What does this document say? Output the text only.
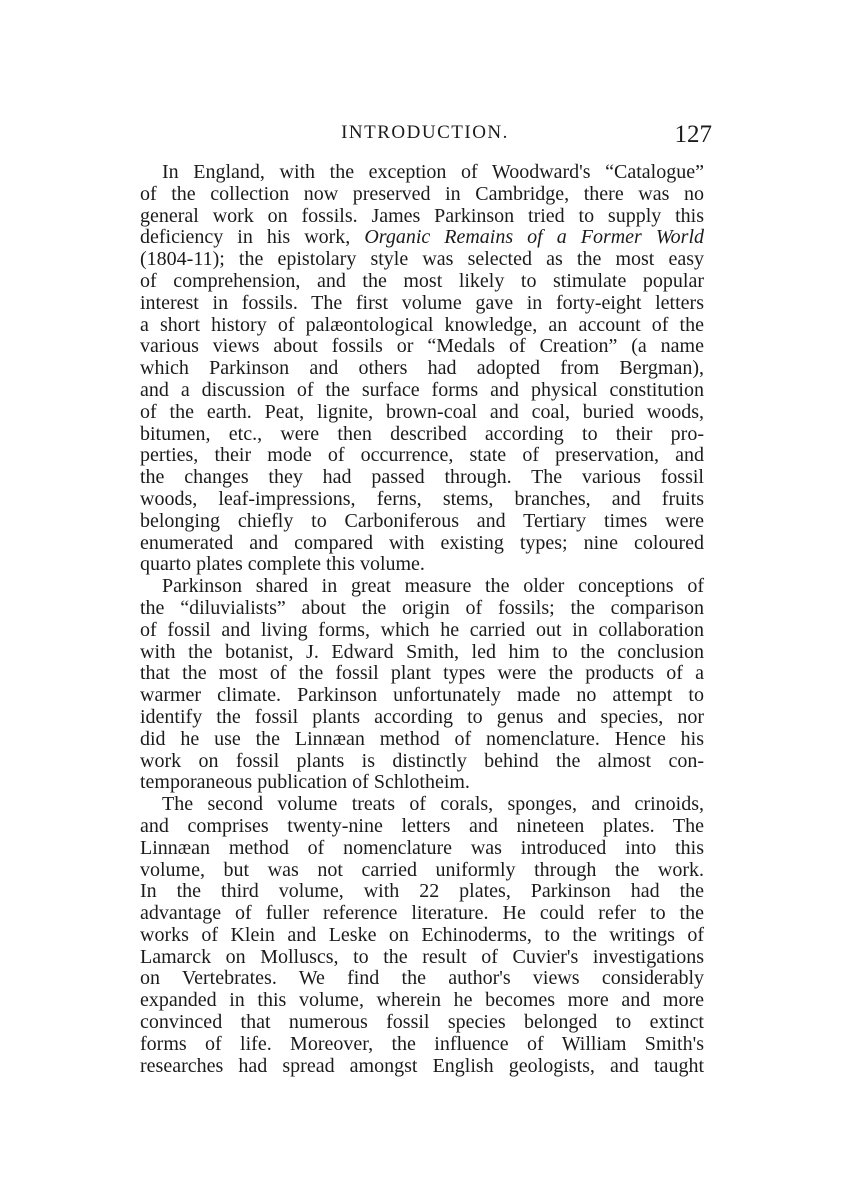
INTRODUCTION.	127
In England, with the exception of Woodward's “Catalogue”
of the collection now preserved in Cambridge, there was no
general work on fossils. James Parkinson tried to supply this
deficiency in his work, Organic Remains of a Former World
(1804-11); the epistolary style was selected as the most easy
of comprehension, and the most likely to stimulate popular
interest in fossils. The first volume gave in forty-eight letters
a short history of palæontological knowledge, an account of the
various views about fossils or “Medals of Creation” (a name
which Parkinson and others had adopted from Bergman),
and a discussion of the surface forms and physical constitution
of the earth. Peat, lignite, brown-coal and coal, buried woods,
bitumen, etc., were then described according to their pro-
perties, their mode of occurrence, state of preservation, and
the changes they had passed through. The various fossil
woods, leaf-impressions, ferns, stems, branches, and fruits
belonging chiefly to Carboniferous and Tertiary times were
enumerated and compared with existing types; nine coloured
quarto plates complete this volume.
Parkinson shared in great measure the older conceptions of
the “diluvialists” about the origin of fossils; the comparison
of fossil and living forms, which he carried out in collaboration
with the botanist, J. Edward Smith, led him to the conclusion
that the most of the fossil plant types were the products of a
warmer climate. Parkinson unfortunately made no attempt to
identify the fossil plants according to genus and species, nor
did he use the Linnæan method of nomenclature. Hence his
work on fossil plants is distinctly behind the almost con-
temporaneous publication of Schlotheim.
The second volume treats of corals, sponges, and crinoids,
and comprises twenty-nine letters and nineteen plates. The
Linnæan method of nomenclature was introduced into this
volume, but was not carried uniformly through the work.
In the third volume, with 22 plates, Parkinson had the
advantage of fuller reference literature. He could refer to the
works of Klein and Leske on Echinoderms, to the writings of
Lamarck on Molluscs, to the result of Cuvier's investigations
on Vertebrates. We find the author's views considerably
expanded in this volume, wherein he becomes more and more
convinced that numerous fossil species belonged to extinct
forms of life. Moreover, the influence of William Smith's
researches had spread amongst English geologists, and taught
